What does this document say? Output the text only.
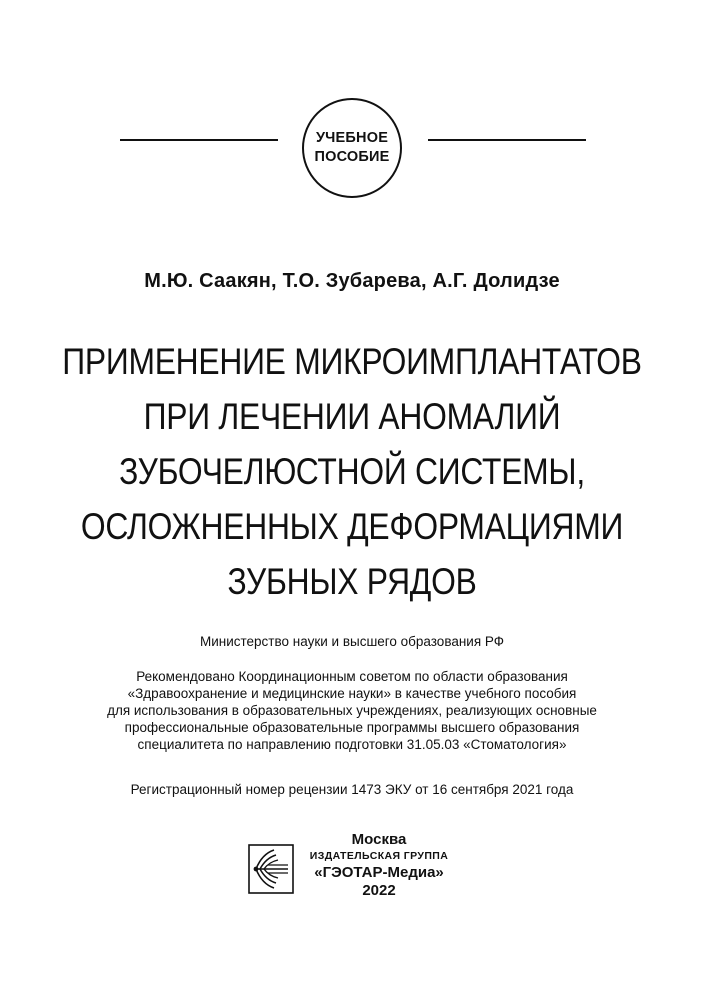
УЧЕБНОЕ
ПОСОБИЕ
М.Ю. Саакян, Т.О. Зубарева, А.Г. Долидзе
ПРИМЕНЕНИЕ МИКРОИМПЛАНТАТОВ
ПРИ ЛЕЧЕНИИ АНОМАЛИЙ
ЗУБОЧЕЛЮСТНОЙ СИСТЕМЫ,
ОСЛОЖНЕННЫХ ДЕФОРМАЦИЯМИ
ЗУБНЫХ РЯДОВ
Министерство науки и высшего образования РФ
Рекомендовано Координационным советом по области образования
«Здравоохранение и медицинские науки» в качестве учебного пособия
для использования в образовательных учреждениях, реализующих основные
профессиональные образовательные программы высшего образования
специалитета по направлению подготовки 31.05.03 «Стоматология»
Регистрационный номер рецензии 1473 ЭКУ от 16 сентября 2021 года
Москва
ИЗДАТЕЛЬСКАЯ ГРУППА
«ГЭОТАР-Медиа»
2022
